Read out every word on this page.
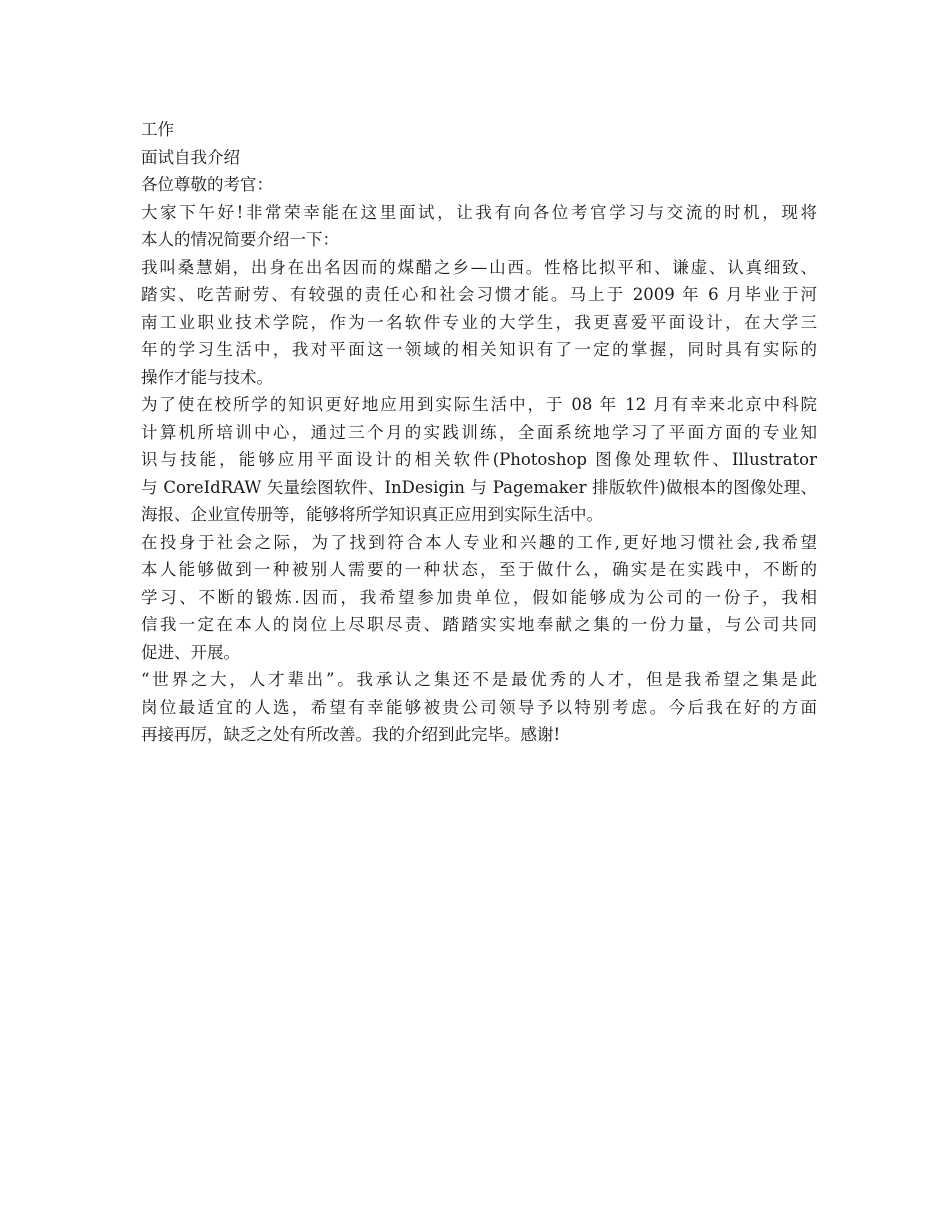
工作

面试自我介绍

各位尊敬的考官：

大家下午好!非常荣幸能在这里面试，让我有向各位考官学习与交流的时机，现将

本人的情况简要介绍一下：

我叫桑慧娟，出身在出名因而的煤醋之乡—山西。性格比拟平和、谦虚、认真细致、

踏实、吃苦耐劳、有较强的责任心和社会习惯才能。马上于 2009 年 6 月毕业于河

南工业职业技术学院，作为一名软件专业的大学生，我更喜爱平面设计，在大学三

年的学习生活中，我对平面这一领域的相关知识有了一定的掌握，同时具有实际的

操作才能与技术。

为了使在校所学的知识更好地应用到实际生活中，于 08 年 12 月有幸来北京中科院

计算机所培训中心，通过三个月的实践训练，全面系统地学习了平面方面的专业知

识与技能，能够应用平面设计的相关软件(Photoshop 图像处理软件、Illustrator

与 CoreIdRAW 矢量绘图软件、InDesigin 与 Pagemaker 排版软件)做根本的图像处理、

海报、企业宣传册等，能够将所学知识真正应用到实际生活中。

在投身于社会之际，为了找到符合本人专业和兴趣的工作,更好地习惯社会,我希望

本人能够做到一种被别人需要的一种状态，至于做什么，确实是在实践中，不断的

学习、不断的锻炼.因而，我希望参加贵单位，假如能够成为公司的一份子，我相

信我一定在本人的岗位上尽职尽责、踏踏实实地奉献之集的一份力量，与公司共同

促进、开展。

“世界之大，人才辈出”。我承认之集还不是最优秀的人才，但是我希望之集是此

岗位最适宜的人选，希望有幸能够被贵公司领导予以特别考虑。今后我在好的方面

再接再厉，缺乏之处有所改善。我的介绍到此完毕。感谢!
